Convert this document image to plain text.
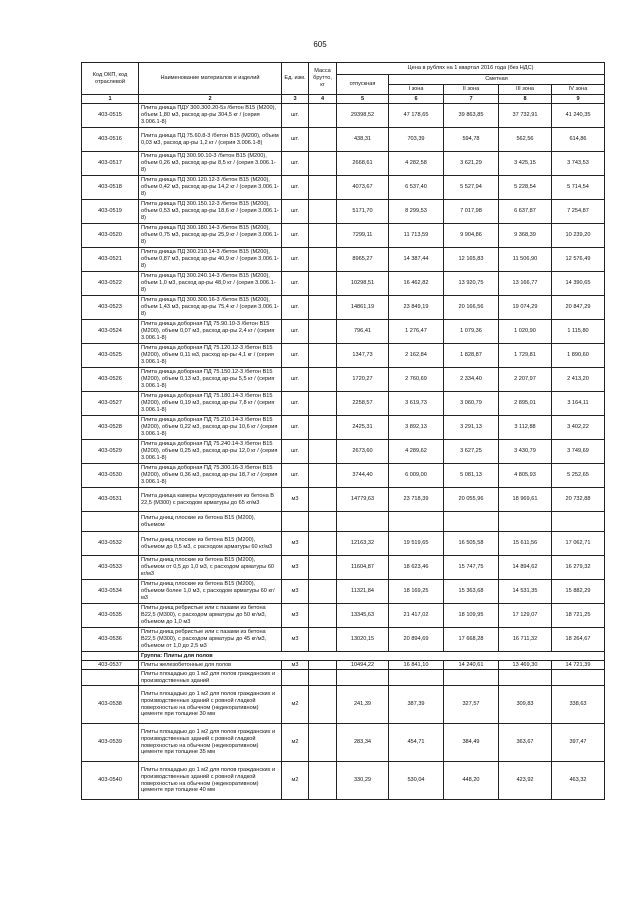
605
Код ОКП, код отраслевой	Наименование материалов и изделий	Ед. изм.	Масса брутто, кг	Цена в рублях на 1 квартал 2016 года (без НДС)				
				отпускная	Сметная			
					I зона	II зона	III зона	IV зона
1	2	3	4	5	6	7	8	9
403-0515	Плита днища ПДУ 300.300.20-5з /бетон В15 (М200), объем 1,80 м3, расход ар-ры 304,5 кг / (серия 3.006.1-8)	шт.		29398,52	47 178,65	39 863,85	37 732,91	41 240,35
403-0516	Плита днища ПД 75.60.8-3 /бетон В15 (М200), объем 0,03 м3, расход ар-ры 1,2 кг / (серия 3.006.1-8)	шт.		438,31	703,39	594,78	562,56	614,86
403-0517	Плита днища ПД 300.90.10-3 /бетон В15 (М200), объем 0,26 м3, расход ар-ры 8,5 кг / (серия 3.006.1-8)	шт.		2668,61	4 282,58	3 621,29	3 425,15	3 743,53
403-0518	Плита днища ПД 300.120.12-3 /бетон В15 (М200), объем 0,42 м3, расход ар-ры 14,2 кг / (серия 3.006.1-8)	шт.		4073,67	6 537,40	5 527,94	5 228,54	5 714,54
403-0519	Плита днища ПД 300.150.12-3 /бетон В15 (М200), объем 0,53 м3, расход ар-ры 18,6 кг / (серия 3.006.1-8)	шт.		5171,70	8 299,53	7 017,98	6 637,87	7 254,87
403-0520	Плита днища ПД 300.180.14-3 /бетон В15 (М200), объем 0,75 м3, расход ар-ры 25,9 кг / (серия 3.006.1-8)	шт.		7299,11	11 713,59	9 904,86	9 368,39	10 239,20
403-0521	Плита днища ПД 300.210.14-3 /бетон В15 (М200), объем 0,87 м3, расход ар-ры 40,9 кг / (серия 3.006.1-8)	шт.		8965,27	14 387,44	12 165,83	11 506,90	12 576,49
403-0522	Плита днища ПД 300.240.14-3 /бетон В15 (М200), объем 1,0 м3, расход ар-ры 48,0 кг / (серия 3.006.1-8)	шт.		10298,51	16 462,82	13 920,75	13 166,77	14 390,65
403-0523	Плита днища ПД 300.300.16-3 /бетон В15 (М200), объем 1,43 м3, расход ар-ры 75,4 кг / (серия 3.006.1-8)	шт.		14861,19	23 849,19	20 166,56	19 074,29	20 847,29
403-0524	Плита днища доборная ПД 75.90.10-3 /бетон В15 (М200), объем 0,07 м3, расход ар-ры 2,4 кг / (серия 3.006.1-8)	шт.		796,41	1 276,47	1 079,36	1 020,90	1 115,80
403-0525	Плита днища доборная ПД 75.120.12-3 /бетон В15 (М200), объем 0,11 м3, расход ар-ры 4,1 кг / (серия 3.006.1-8)	шт.		1347,73	2 162,84	1 828,87	1 729,81	1 890,60
403-0526	Плита днища доборная ПД 75.150.12-3 /бетон В15 (М200), объем 0,13 м3, расход ар-ры 5,5 кг / (серия 3.006.1-8)	шт.		1720,27	2 760,69	2 334,40	2 207,97	2 413,20
403-0527	Плита днища доборная ПД 75.180.14-3 /бетон В15 (М200), объем 0,19 м3, расход ар-ры 7,8 кг / (серия 3.006.1-8)	шт.		2258,57	3 619,73	3 060,79	2 895,01	3 164,11
403-0528	Плита днища доборная ПД 75.210.14-3 /бетон В15 (М200), объем 0,22 м3, расход ар-ры 10,6 кг / (серия 3.006.1-8)	шт.		2425,31	3 892,13	3 291,13	3 112,88	3 402,22
403-0529	Плита днища доборная ПД 75.240.14-3 /бетон В15 (М200), объем 0,25 м3, расход ар-ры 12,0 кг / (серия 3.006.1-8)	шт.		2673,60	4 289,62	3 627,25	3 430,79	3 749,69
403-0530	Плита днища доборная ПД 75.300.16-3 /бетон В15 (М200), объем 0,36 м3, расход ар-ры 18,7 кг / (серия 3.006.1-8)	шт.		3744,40	6 009,00	5 081,13	4 805,93	5 252,65
403-0531	Плита днища камеры мусороудаления из бетона В 22,5 (М300) с расходом арматуры до 65 кг/м3	м3		14779,63	23 718,39	20 055,96	18 969,61	20 732,88
	Плиты днищ плоские из бетона В15 (М200), объемом							
403-0532	Плиты днищ плоские из бетона В15 (М200), объемом до 0,5 м3, с расходом арматуры 60 кг/м3	м3		12163,32	19 519,65	16 505,58	15 611,56	17 062,71
403-0533	Плиты днищ плоские из бетона В15 (М200), объемом от 0,5 до 1,0 м3, с расходом арматуры 60 кг/м3	м3		11604,87	18 623,46	15 747,75	14 894,62	16 279,32
403-0534	Плиты днищ плоские из бетона В15 (М200), объемом более 1,0 м3, с расходом арматуры 60 кг/м3	м3		11321,84	18 169,25	15 363,68	14 531,35	15 882,29
403-0535	Плиты днищ ребристые или с пазами из бетона В22,5 (М300), с расходом арматуры до 50 кг/м3, объемом до 1,0 м3	м3		13345,63	21 417,02	18 109,95	17 129,07	18 721,25
403-0536	Плиты днищ ребристые или с пазами из бетона В22,5 (М300), с расходом арматуры до 45 кг/м3, объемом от 1,0 до 2,5 м3	м3		13020,15	20 894,69	17 668,28	16 711,32	18 264,67
	Группа: Плиты для полов							
403-0537	Плиты железобетонные для полов	м3		10494,22	16 841,10	14 240,61	13 469,30	14 721,39
	Плиты площадью до 1 м2 для полов гражданских и производственных зданий							
403-0538	Плиты площадью до 1 м2 для полов гражданских и производственных зданий с ровной гладкой поверхностью на обычном (недекоративном) цементе при толщине 30 мм	м2		241,39	387,39	327,57	309,83	338,63
403-0539	Плиты площадью до 1 м2 для полов гражданских и производственных зданий с ровной гладкой поверхностью на обычном (недекоративном) цементе при толщине 35 мм	м2		283,34	454,71	384,49	363,67	397,47
403-0540	Плиты площадью до 1 м2 для полов гражданских и производственных зданий с ровной гладкой поверхностью на обычном (недекоративном) цементе при толщине 40 мм	м2		330,29	530,04	448,20	423,92	463,32
